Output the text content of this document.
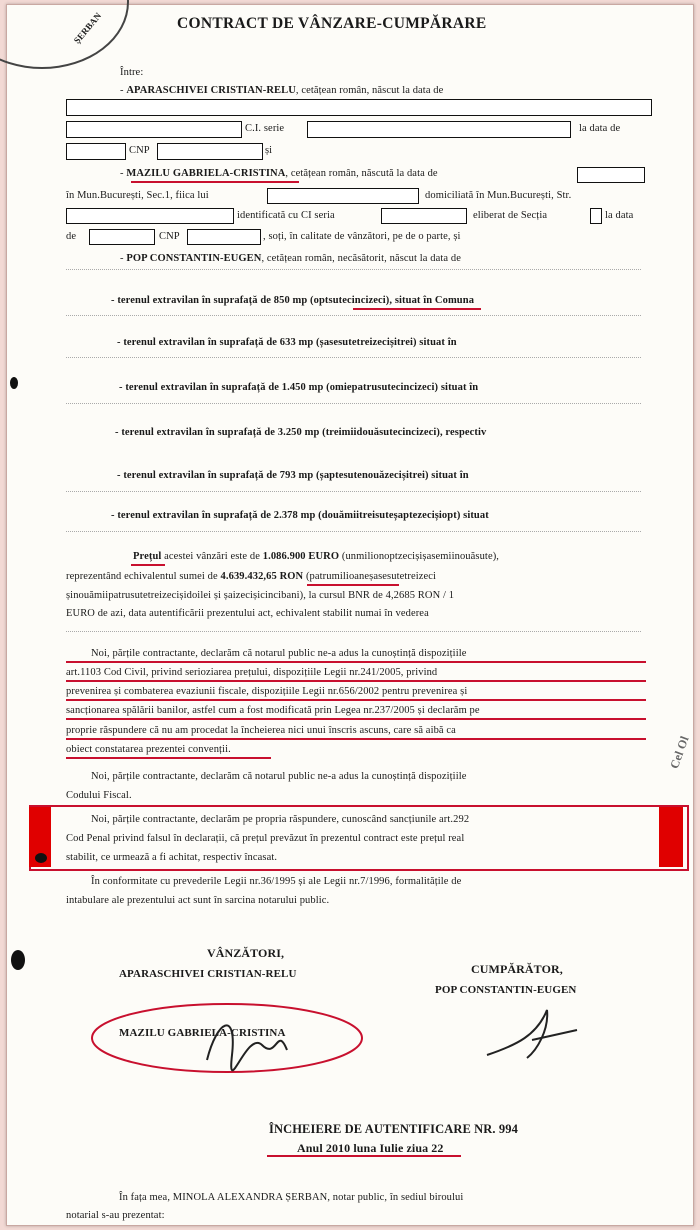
ȘERBAN	CONTRACT DE VÂNZARE-CUMPĂRARE
Între:
- APARASCHIVEI CRISTIAN-RELU, cetățean român, născut la data de
C.I. serie	la data de
CNP	și
- MAZILU GABRIELA-CRISTINA, cetățean român, născută la data de
în Mun.București, Sec.1, fiica lui	domiciliată în Mun.București, Str.
identificată cu CI seria	eliberat de Secția	la data
de	CNP	, soți, în calitate de vânzători, pe de o parte, și
- POP CONSTANTIN-EUGEN, cetățean român, necăsătorit, născut la data de
- terenul extravilan în suprafață de 850 mp (optsutecincizeci), situat în Comuna
- terenul extravilan în suprafață de 633 mp (șasesutetreizecișitrei) situat în
- terenul extravilan în suprafață de 1.450 mp (omiepatrusutecincizeci) situat în
- terenul extravilan în suprafață de 3.250 mp (treimiidouăsutecincizeci), respectiv
- terenul extravilan în suprafață de 793 mp (șaptesutenouăzecișitrei) situat în
- terenul extravilan în suprafață de 2.378 mp (douămiitreisuteșaptezecișiopt) situat
Prețul acestei vânzări este de 1.086.900 EURO (unmilionoptzecișișasemiinouăsute),
reprezentând echivalentul sumei de 4.639.432,65 RON (patrumilioaneșasesutetreizeci
șinouămiipatrusutetreizecișidoilei și șaizecișicincibani), la cursul BNR de 4,2685 RON / 1
EURO de azi, data autentificării prezentului act, echivalent stabilit numai în vederea
Noi, părțile contractante, declarăm că notarul public ne-a adus la cunoștință dispozițiile
art.1103 Cod Civil, privind serioziarea prețului, dispozițiile Legii nr.241/2005, privind
prevenirea și combaterea evaziunii fiscale, dispozițiile Legii nr.656/2002 pentru prevenirea și
sancționarea spălării banilor, astfel cum a fost modificată prin Legea nr.237/2005 și declarăm pe
proprie răspundere că nu am procedat la încheierea nici unui înscris ascuns, care să aibă ca
obiect constatarea prezentei convenții.
Noi, părțile contractante, declarăm că notarul public ne-a adus la cunoștință dispozițiile
Codului Fiscal.
Noi, părțile contractante, declarăm pe propria răspundere, cunoscând sancțiunile art.292
Cod Penal privind falsul în declarații, că prețul prevăzut în prezentul contract este prețul real
stabilit, ce urmează a fi achitat, respectiv încasat.
În conformitate cu prevederile Legii nr.36/1995 și ale Legii nr.7/1996, formalitățile de
intabulare ale prezentului act sunt în sarcina notarului public.
Cel Ol
VÂNZĂTORI,
APARASCHIVEI CRISTIAN-RELU
MAZILU GABRIELA-CRISTINA
CUMPĂRĂTOR,
POP CONSTANTIN-EUGEN
ÎNCHEIERE DE AUTENTIFICARE NR. 994
Anul 2010 luna Iulie ziua 22
În fața mea, MINOLA ALEXANDRA ȘERBAN, notar public, în sediul biroului
notarial s-au prezentat:
